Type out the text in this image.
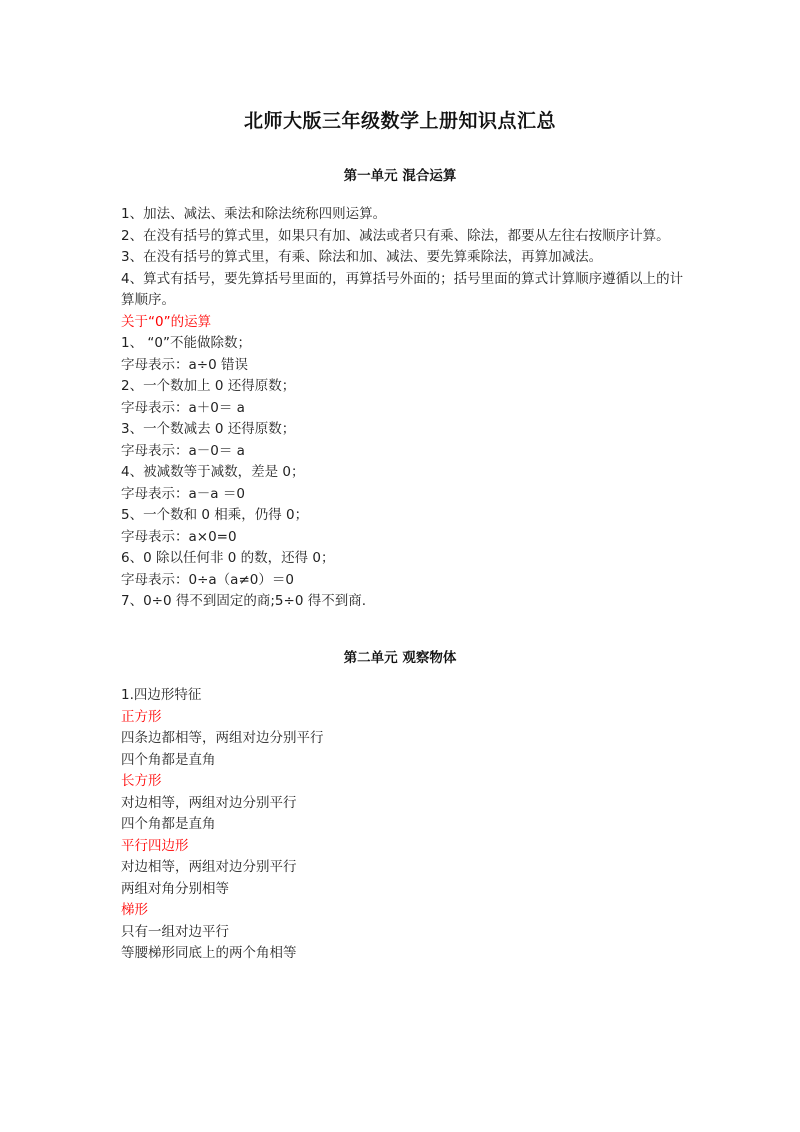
北师大版三年级数学上册知识点汇总
第一单元 混合运算
1、加法、减法、乘法和除法统称四则运算。
2、在没有括号的算式里，如果只有加、减法或者只有乘、除法，都要从左往右按顺序计算。
3、在没有括号的算式里，有乘、除法和加、减法、要先算乘除法，再算加减法。
4、算式有括号，要先算括号里面的，再算括号外面的；括号里面的算式计算顺序遵循以上的计算顺序。
关于“0”的运算
1、 “0”不能做除数；
字母表示：a÷0 错误
2、一个数加上 0 还得原数；
字母表示：a＋0＝ a
3、一个数减去 0 还得原数；
字母表示：a－0＝ a
4、被减数等于减数，差是 0；
字母表示：a－a ＝0
5、一个数和 0 相乘，仍得 0；
字母表示：a×0=0
6、0 除以任何非 0 的数，还得 0；
字母表示：0÷a（a≠0）＝0
7、0÷0 得不到固定的商;5÷0 得不到商.
第二单元 观察物体
1.四边形特征
正方形
四条边都相等，两组对边分别平行
四个角都是直角
长方形
对边相等，两组对边分别平行
四个角都是直角
平行四边形
对边相等，两组对边分别平行
两组对角分别相等
梯形
只有一组对边平行
等腰梯形同底上的两个角相等
